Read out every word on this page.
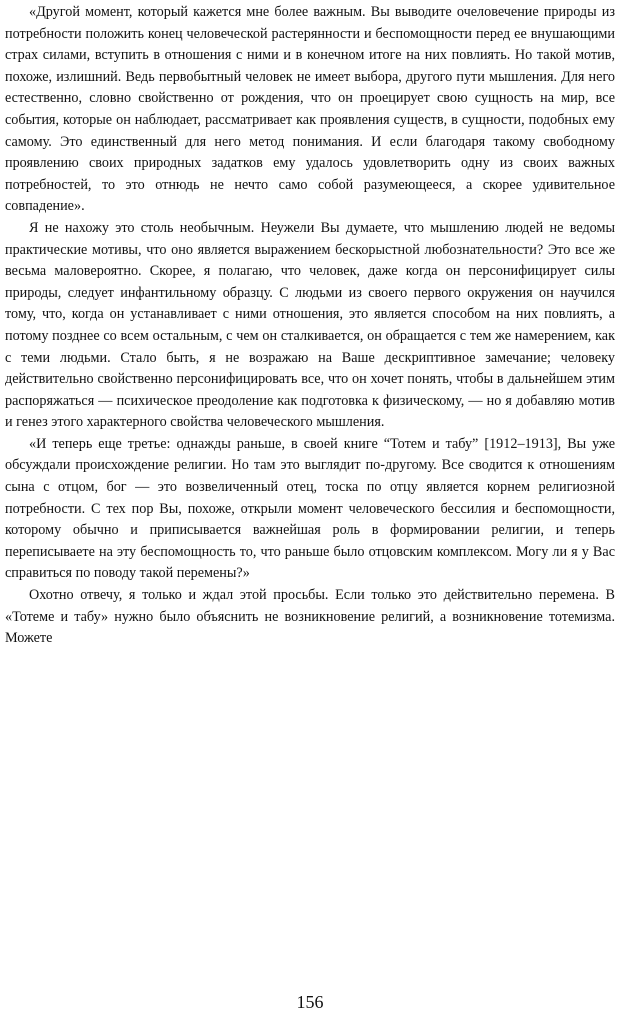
«Другой момент, который кажется мне более важным. Вы выводите очеловечение природы из потребности положить конец человеческой растерянности и беспомощности перед ее внушающими страх силами, вступить в отношения с ними и в конечном итоге на них повлиять. Но такой мотив, похоже, излишний. Ведь первобытный человек не имеет выбора, другого пути мышления. Для него естественно, словно свойственно от рождения, что он проецирует свою сущность на мир, все события, которые он наблюдает, рассматривает как проявления существ, в сущности, подобных ему самому. Это единственный для него метод понимания. И если благодаря такому свободному проявлению своих природных задатков ему удалось удовлетворить одну из своих важных потребностей, то это отнюдь не нечто само собой разумеющееся, а скорее удивительное совпадение».

Я не нахожу это столь необычным. Неужели Вы думаете, что мышлению людей не ведомы практические мотивы, что оно является выражением бескорыстной любознательности? Это все же весьма маловероятно. Скорее, я полагаю, что человек, даже когда он персонифицирует силы природы, следует инфантильному образцу. С людьми из своего первого окружения он научился тому, что, когда он устанавливает с ними отношения, это является способом на них повлиять, а потому позднее со всем остальным, с чем он сталкивается, он обращается с тем же намерением, как с теми людьми. Стало быть, я не возражаю на Ваше дескриптивное замечание; человеку действительно свойственно персонифицировать все, что он хочет понять, чтобы в дальнейшем этим распоряжаться — психическое преодоление как подготовка к физическому, — но я добавляю мотив и генез этого характерного свойства человеческого мышления.

«И теперь еще третье: однажды раньше, в своей книге “Тотем и табу” [1912–1913], Вы уже обсуждали происхождение религии. Но там это выглядит по-другому. Все сводится к отношениям сына с отцом, бог — это возвеличенный отец, тоска по отцу является корнем религиозной потребности. С тех пор Вы, похоже, открыли момент человеческого бессилия и беспомощности, которому обычно и приписывается важнейшая роль в формировании религии, и теперь переписываете на эту беспомощность то, что раньше было отцовским комплексом. Могу ли я у Вас справиться по поводу такой перемены?»

Охотно отвечу, я только и ждал этой просьбы. Если только это действительно перемена. В «Тотеме и табу» нужно было объяснить не возникновение религий, а возникновение тотемизма. Можете

156
